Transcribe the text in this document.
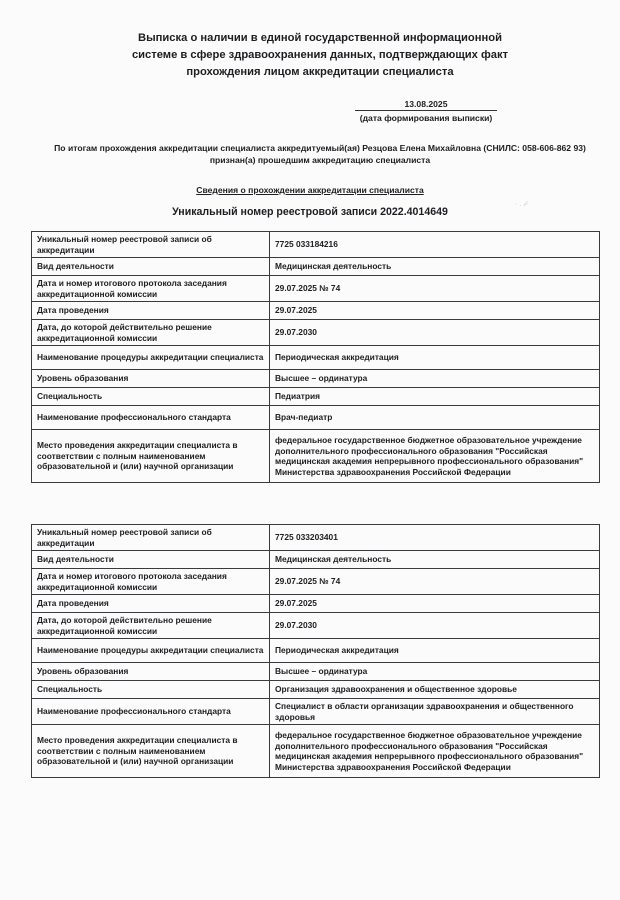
Выписка о наличии в единой государственной информационной системе в сфере здравоохранения данных, подтверждающих факт прохождения лицом аккредитации специалиста
13.08.2025
(дата формирования выписки)
По итогам прохождения аккредитации специалиста аккредитуемый(ая) Резцова Елена Михайловна (СНИЛС: 058-606-862 93) признан(а) прошедшим аккредитацию специалиста
Сведения о прохождении аккредитации специалиста
Уникальный номер реестровой записи 2022.4014649
· . ·⁄·
Уникальный номер реестровой записи об аккредитации	7725 033184216
Вид деятельности	Медицинская деятельность
Дата и номер итогового протокола заседания аккредитационной комиссии	29.07.2025 № 74
Дата проведения	29.07.2025
Дата, до которой действительно решение аккредитационной комиссии	29.07.2030
Наименование процедуры аккредитации специалиста	Периодическая аккредитация
Уровень образования	Высшее – ординатура
Специальность	Педиатрия
Наименование профессионального стандарта	Врач-педиатр
Место проведения аккредитации специалиста в соответствии с полным наименованием образовательной и (или) научной организации	федеральное государственное бюджетное образовательное учреждение дополнительного профессионального образования "Российская медицинская академия непрерывного профессионального образования" Министерства здравоохранения Российской Федерации
Уникальный номер реестровой записи об аккредитации	7725 033203401
Вид деятельности	Медицинская деятельность
Дата и номер итогового протокола заседания аккредитационной комиссии	29.07.2025 № 74
Дата проведения	29.07.2025
Дата, до которой действительно решение аккредитационной комиссии	29.07.2030
Наименование процедуры аккредитации специалиста	Периодическая аккредитация
Уровень образования	Высшее – ординатура
Специальность	Организация здравоохранения и общественное здоровье
Наименование профессионального стандарта	Специалист в области организации здравоохранения и общественного здоровья
Место проведения аккредитации специалиста в соответствии с полным наименованием образовательной и (или) научной организации	федеральное государственное бюджетное образовательное учреждение дополнительного профессионального образования "Российская медицинская академия непрерывного профессионального образования" Министерства здравоохранения Российской Федерации
